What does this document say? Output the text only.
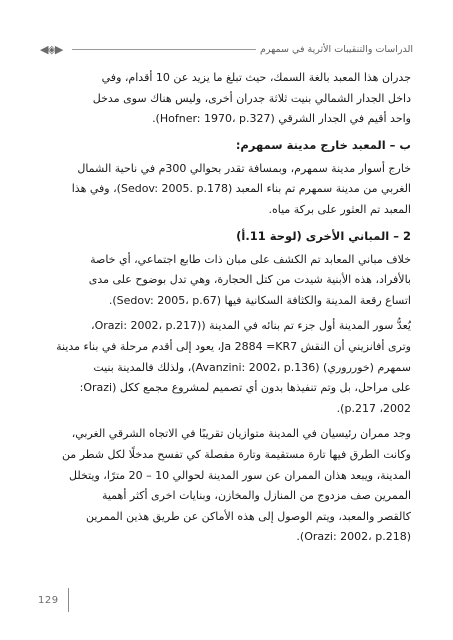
◀◈▶	الدراسات والتنقيبات الأثرية في سمهرم

جدران هذا المعبد بالغة السمك، حيث تبلغ ما يزيد عن 10 أقدام، وفي

داخل الجدار الشمالي بنيت ثلاثة جدران أخرى، وليس هناك سوى مدخل

واحد أقيم في الجدار الشرقي (Hofner: 1970، p.327).

ب – المعبد خارج مدينة سمهرم:

خارج أسوار مدينة سمهرم، وبمسافة تقدر بحوالي 300م في ناحية الشمال

الغربي من مدينة سمهرم تم بناء المعبد (Sedov: 2005. p.178)، وفي هذا

المعبد تم العثور على بركة مياه.

2 – المباني الأخرى (لوحة 11.أ)

خلاف مباني المعابد تم الكشف على مبان ذات طابع اجتماعي، أي خاصة

بالأفراد، هذه الأبنية شيدت من كتل الحجارة، وهي تدل بوضوح على مدى

اتساع رقعة المدينة والكثافة السكانية فيها (Sedov: 2005، p.67).

يُعدُّ سور المدينة أول جزء تم بنائه في المدينة ((Orazi: 2002، p.217،

وترى أفانزيني أن النقش Ja 2884 =KR7، يعود إلى أقدم مرحلة في بناء مدينة

سمهرم (خورروري) (Avanzini: 2002، p.136)، ولذلك فالمدينة بنيت

على مراحل، بل وتم تنفيذها بدون أي تصميم لمشروع مجمع ككل (Orazi:

2002، p.217).

وجد ممران رئيسيان في المدينة متوازيان تقريبًا في الاتجاه الشرقي الغربي،

وكانت الطرق فيها تارة مستقيمة وتارة مفصلة كي تفسح مدخلًا لكل شطر من

المدينة، ويبعد هذان الممران عن سور المدينة لحوالي 10 – 20 مترًا، ويتخلل

الممرين صف مزدوج من المنازل والمخازن، وبنايات اخرى أكثر أهمية

كالقصر والمعبد، ويتم الوصول إلى هذه الأماكن عن طريق هذين الممرين

(Orazi: 2002، p.218).

129
